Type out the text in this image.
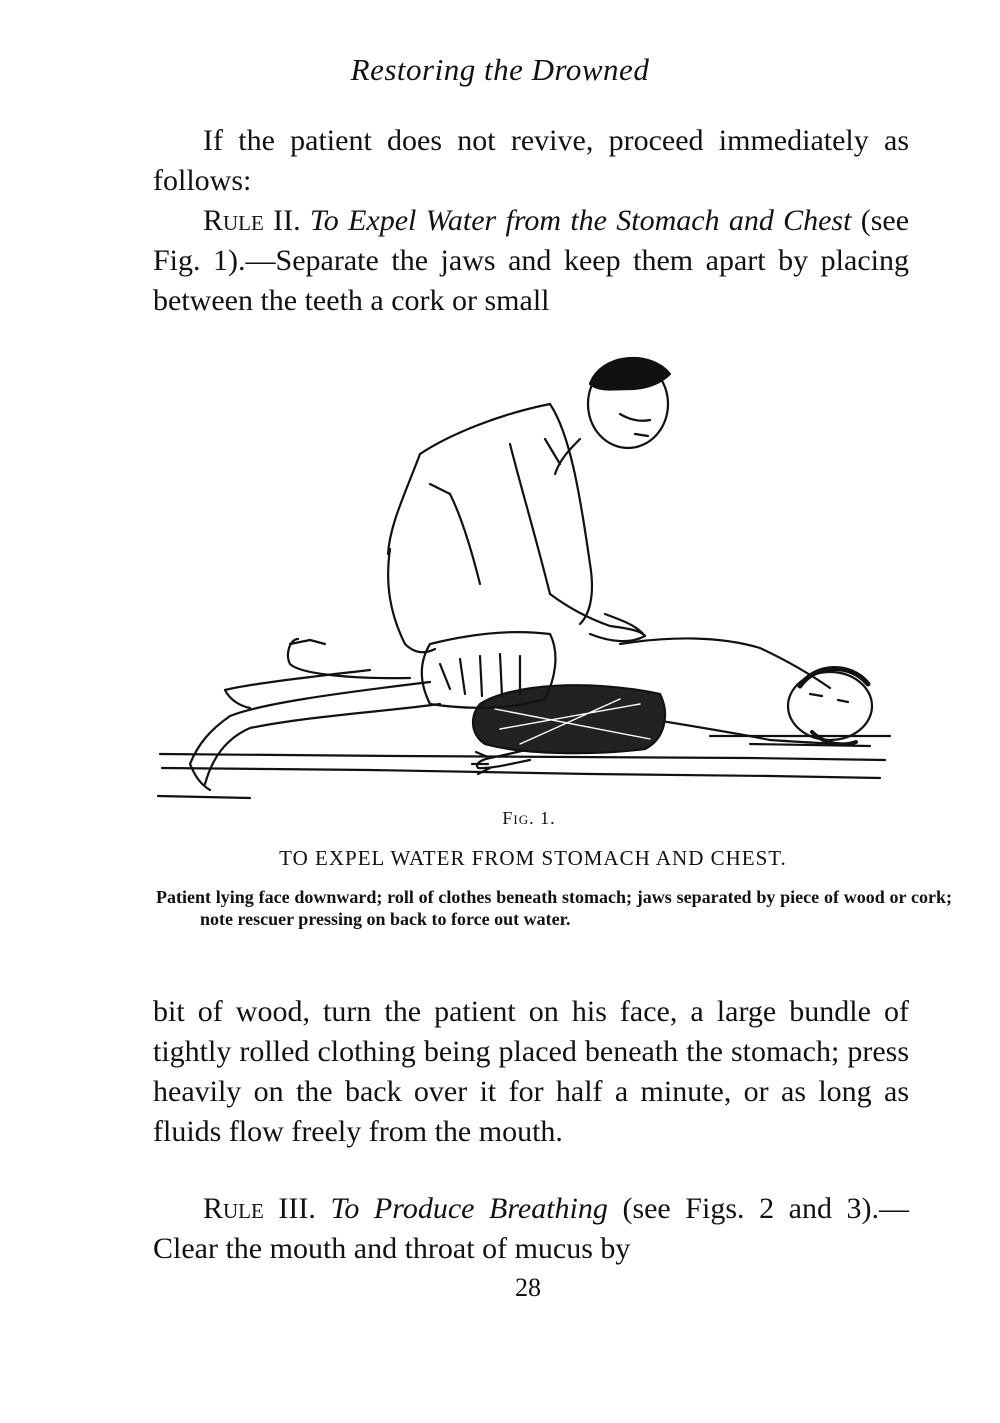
Restoring the Drowned

If the patient does not revive, proceed immediately as follows:

Rule II. To Expel Water from the Stomach and Chest (see Fig. 1).—Separate the jaws and keep them apart by placing between the teeth a cork or small

Fig. 1.
TO EXPEL WATER FROM STOMACH AND CHEST.

Patient lying face downward; roll of clothes beneath stomach; jaws separated by piece of wood or cork; note rescuer pressing on back to force out water.

bit of wood, turn the patient on his face, a large bundle of tightly rolled clothing being placed beneath the stomach; press heavily on the back over it for half a minute, or as long as fluids flow freely from the mouth.

Rule III. To Produce Breathing (see Figs. 2 and 3).—Clear the mouth and throat of mucus by

28
